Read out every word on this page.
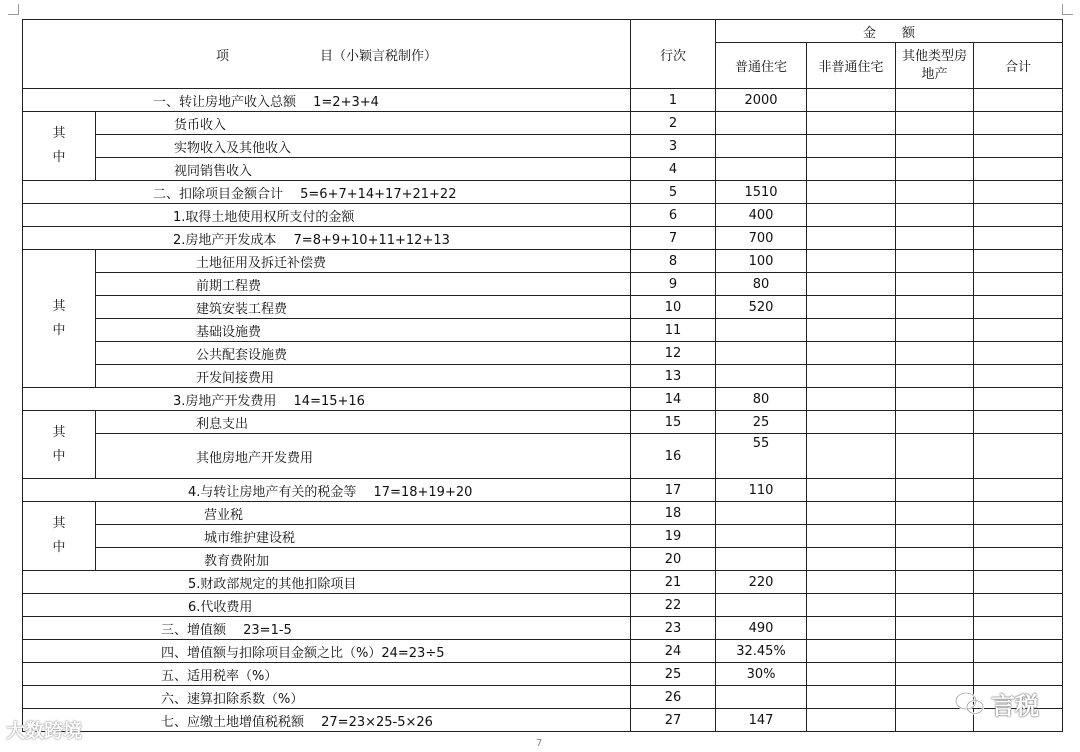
项　　　　　　　目（小颖言税制作）		行次	金　　额			
			普通住宅	非普通住宅	其他类型房地产	合计
一、转让房地产收入总额　 1=2+3+4		1	2000			
其中	货币收入	2				
	实物收入及其他收入	3				
	视同销售收入	4				
二、扣除项目金额合计　 5=6+7+14+17+21+22		5	1510			
1.取得土地使用权所支付的金额		6	400			
2.房地产开发成本　 7=8+9+10+11+12+13		7	700			
其中	土地征用及拆迁补偿费	8	100			
	前期工程费	9	80			
	建筑安装工程费	10	520			
	基础设施费	11				
	公共配套设施费	12				
	开发间接费用	13				
3.房地产开发费用　 14=15+16		14	80			
其中	利息支出	15	25			
	其他房地产开发费用	16	55			
4.与转让房地产有关的税金等　 17=18+19+20		17	110			
其中	营业税	18				
	城市维护建设税	19				
	教育费附加	20				
5.财政部规定的其他扣除项目		21	220			
6.代收费用		22				
三、增值额　 23=1-5		23	490			
四、增值额与扣除项目金额之比（%）24=23÷5		24	32.45%			
五、适用税率（%）		25	30%			
六、速算扣除系数（%）		26				
七、应缴土地增值税税额　 27=23×25-5×26		27	147			
7
大数跨境
言税
